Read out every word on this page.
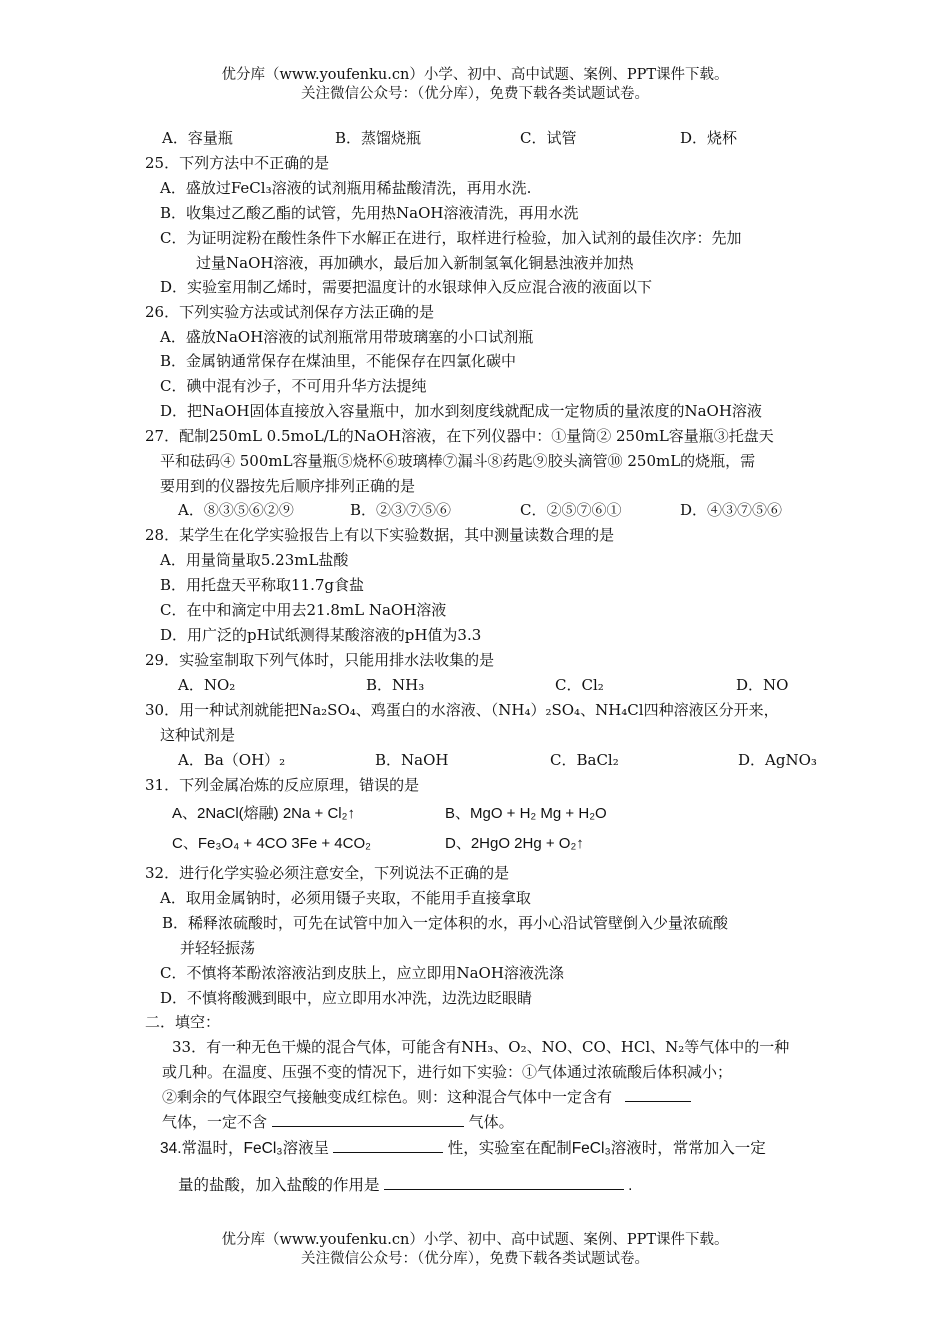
优分库（www.youfenku.cn）小学、初中、高中试题、案例、PPT课件下载。
关注微信公众号：（优分库），免费下载各类试题试卷。
A．容量瓶	B．蒸馏烧瓶	C．试管	D．烧杯
25．下列方法中不正确的是
A．盛放过FeCl₃溶液的试剂瓶用稀盐酸清洗，再用水洗.
B．收集过乙酸乙酯的试管，先用热NaOH溶液清洗，再用水洗
C．为证明淀粉在酸性条件下水解正在进行，取样进行检验，加入试剂的最佳次序：先加
过量NaOH溶液，再加碘水，最后加入新制氢氧化铜悬浊液并加热
D．实验室用制乙烯时，需要把温度计的水银球伸入反应混合液的液面以下
26．下列实验方法或试剂保存方法正确的是
A．盛放NaOH溶液的试剂瓶常用带玻璃塞的小口试剂瓶
B．金属钠通常保存在煤油里，不能保存在四氯化碳中
C．碘中混有沙子，不可用升华方法提纯
D．把NaOH固体直接放入容量瓶中，加水到刻度线就配成一定物质的量浓度的NaOH溶液
27．配制250mL 0.5moL/L的NaOH溶液，在下列仪器中：①量筒② 250mL容量瓶③托盘天
平和砝码④ 500mL容量瓶⑤烧杯⑥玻璃棒⑦漏斗⑧药匙⑨胶头滴管⑩ 250mL的烧瓶，需
要用到的仪器按先后顺序排列正确的是
A．⑧③⑤⑥②⑨	B．②③⑦⑤⑥	C．②⑤⑦⑥①	D．④③⑦⑤⑥
28．某学生在化学实验报告上有以下实验数据，其中测量读数合理的是
A．用量筒量取5.23mL盐酸
B．用托盘天平称取11.7g食盐
C．在中和滴定中用去21.8mL NaOH溶液
D．用广泛的pH试纸测得某酸溶液的pH值为3.3
29．实验室制取下列气体时，只能用排水法收集的是
A．NO₂	B．NH₃	C．Cl₂	D．NO
30．用一种试剂就能把Na₂SO₄、鸡蛋白的水溶液、（NH₄）₂SO₄、NH₄Cl四种溶液区分开来，
这种试剂是
A．Ba（OH）₂	B．NaOH	C．BaCl₂	D．AgNO₃
31．下列金属冶炼的反应原理，错误的是
A、2NaCl(熔融) 2Na + Cl₂↑	B、MgO + H₂ Mg + H₂O
C、Fe₃O₄ + 4CO 3Fe + 4CO₂	D、2HgO 2Hg + O₂↑
32．进行化学实验必须注意安全，下列说法不正确的是
A．取用金属钠时，必须用镊子夹取，不能用手直接拿取
B．稀释浓硫酸时，可先在试管中加入一定体积的水，再小心沿试管壁倒入少量浓硫酸
并轻轻振荡
C．不慎将苯酚浓溶液沾到皮肤上，应立即用NaOH溶液洗涤
D．不慎将酸溅到眼中，应立即用水冲洗，边洗边眨眼睛
二．填空：
33．有一种无色干燥的混合气体，可能含有NH₃、O₂、NO、CO、HCl、N₂等气体中的一种
或几种。在温度、压强不变的情况下，进行如下实验：①气体通过浓硫酸后体积减小；
②剩余的气体跟空气接触变成红棕色。则：这种混合气体中一定含有
气体，一定不含	气体。
34.常温时，FeCl₃溶液呈	性，实验室在配制FeCl₃溶液时，常常加入一定
量的盐酸，加入盐酸的作用是	.
优分库（www.youfenku.cn）小学、初中、高中试题、案例、PPT课件下载。
关注微信公众号：（优分库），免费下载各类试题试卷。
